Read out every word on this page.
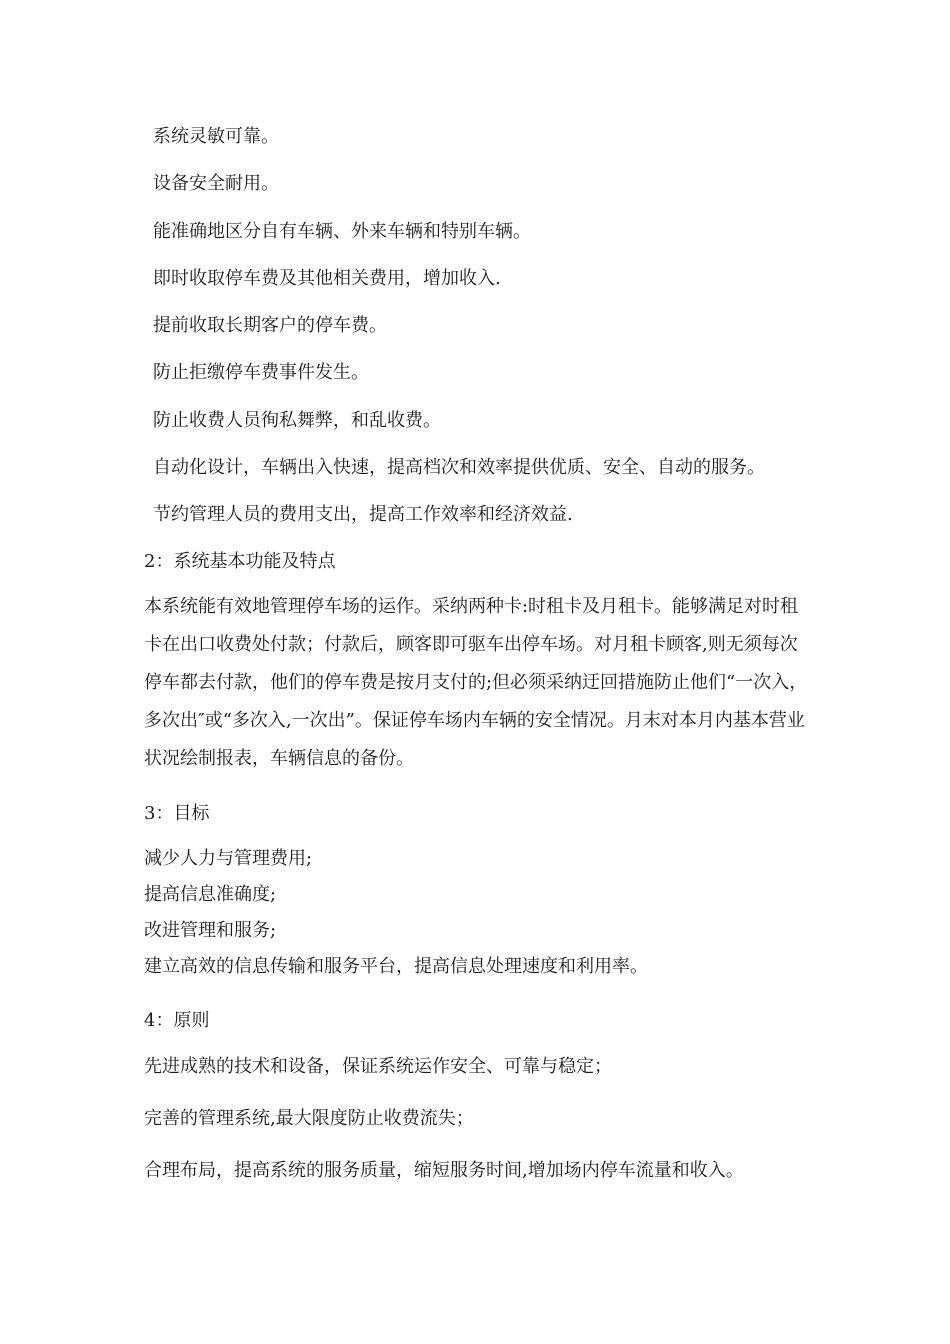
系统灵敏可靠。
设备安全耐用。
能准确地区分自有车辆、外来车辆和特别车辆。
即时收取停车费及其他相关费用，增加收入.
提前收取长期客户的停车费。
防止拒缴停车费事件发生。
防止收费人员徇私舞弊，和乱收费。
自动化设计，车辆出入快速，提高档次和效率提供优质、安全、自动的服务。
节约管理人员的费用支出，提高工作效率和经济效益.
2：系统基本功能及特点
本系统能有效地管理停车场的运作。采纳两种卡:时租卡及月租卡。能够满足对时租卡在出口收费处付款；付款后，顾客即可驱车出停车场。对月租卡顾客,则无须每次停车都去付款，他们的停车费是按月支付的;但必须采纳迂回措施防止他们“一次入，多次出″或“多次入,一次出”。保证停车场内车辆的安全情况。月末对本月内基本营业状况绘制报表，车辆信息的备份。
3：目标
减少人力与管理费用;
提高信息准确度;
改进管理和服务;
建立高效的信息传输和服务平台，提高信息处理速度和利用率。
4：原则
先进成熟的技术和设备，保证系统运作安全、可靠与稳定；
完善的管理系统,最大限度防止收费流失；
合理布局，提高系统的服务质量，缩短服务时间,增加场内停车流量和收入。
